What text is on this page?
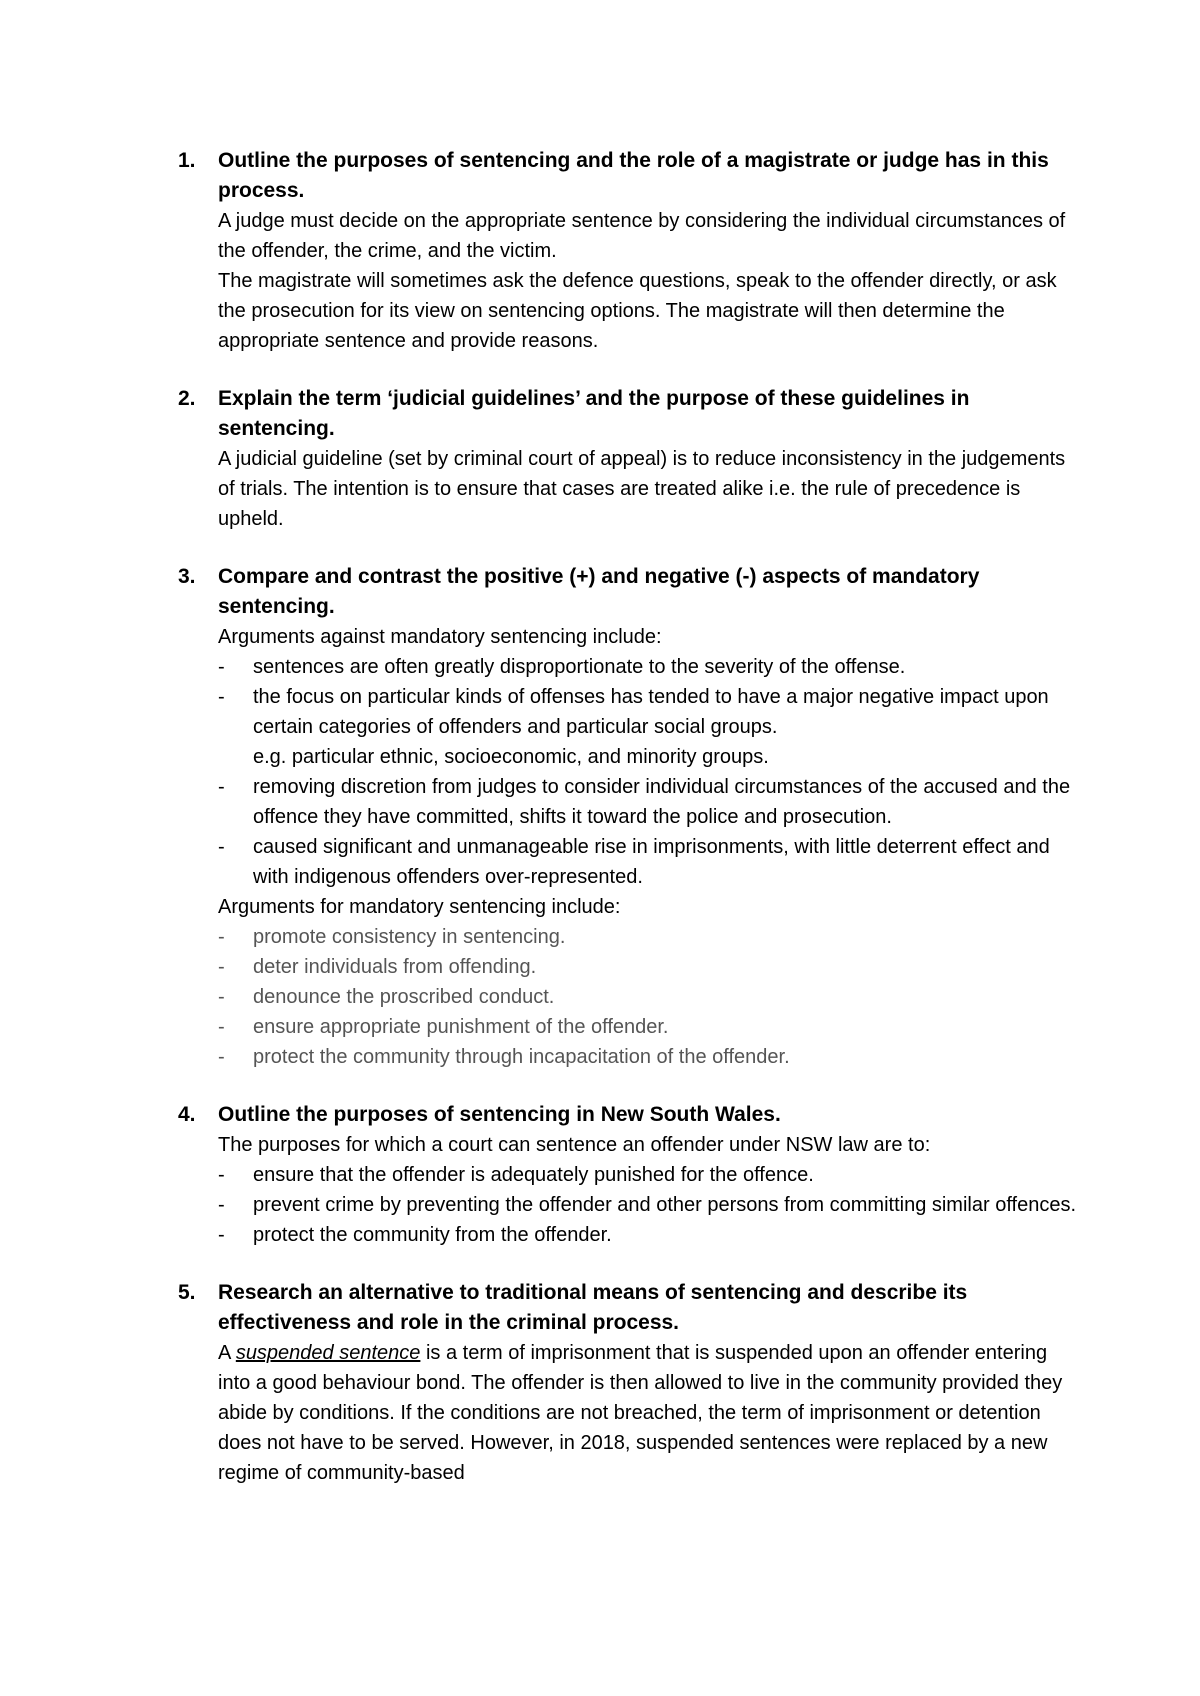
1. Outline the purposes of sentencing and the role of a magistrate or judge has in this process.

A judge must decide on the appropriate sentence by considering the individual circumstances of the offender, the crime, and the victim.

The magistrate will sometimes ask the defence questions, speak to the offender directly, or ask the prosecution for its view on sentencing options. The magistrate will then determine the appropriate sentence and provide reasons.

2. Explain the term ‘judicial guidelines’ and the purpose of these guidelines in sentencing.

A judicial guideline (set by criminal court of appeal) is to reduce inconsistency in the judgements of trials. The intention is to ensure that cases are treated alike i.e. the rule of precedence is upheld.

3. Compare and contrast the positive (+) and negative (-) aspects of mandatory sentencing.

Arguments against mandatory sentencing include:

- sentences are often greatly disproportionate to the severity of the offense.
- the focus on particular kinds of offenses has tended to have a major negative impact upon certain categories of offenders and particular social groups.
e.g. particular ethnic, socioeconomic, and minority groups.
- removing discretion from judges to consider individual circumstances of the accused and the offence they have committed, shifts it toward the police and prosecution.
- caused significant and unmanageable rise in imprisonments, with little deterrent effect and with indigenous offenders over-represented.

Arguments for mandatory sentencing include:

- promote consistency in sentencing.
- deter individuals from offending.
- denounce the proscribed conduct.
- ensure appropriate punishment of the offender.
- protect the community through incapacitation of the offender.
4. Outline the purposes of sentencing in New South Wales.

The purposes for which a court can sentence an offender under NSW law are to:

- ensure that the offender is adequately punished for the offence.
- prevent crime by preventing the offender and other persons from committing similar offences.
- protect the community from the offender.
5. Research an alternative to traditional means of sentencing and describe its effectiveness and role in the criminal process.

A suspended sentence is a term of imprisonment that is suspended upon an offender entering into a good behaviour bond. The offender is then allowed to live in the community provided they abide by conditions. If the conditions are not breached, the term of imprisonment or detention does not have to be served. However, in 2018, suspended sentences were replaced by a new regime of community-based
